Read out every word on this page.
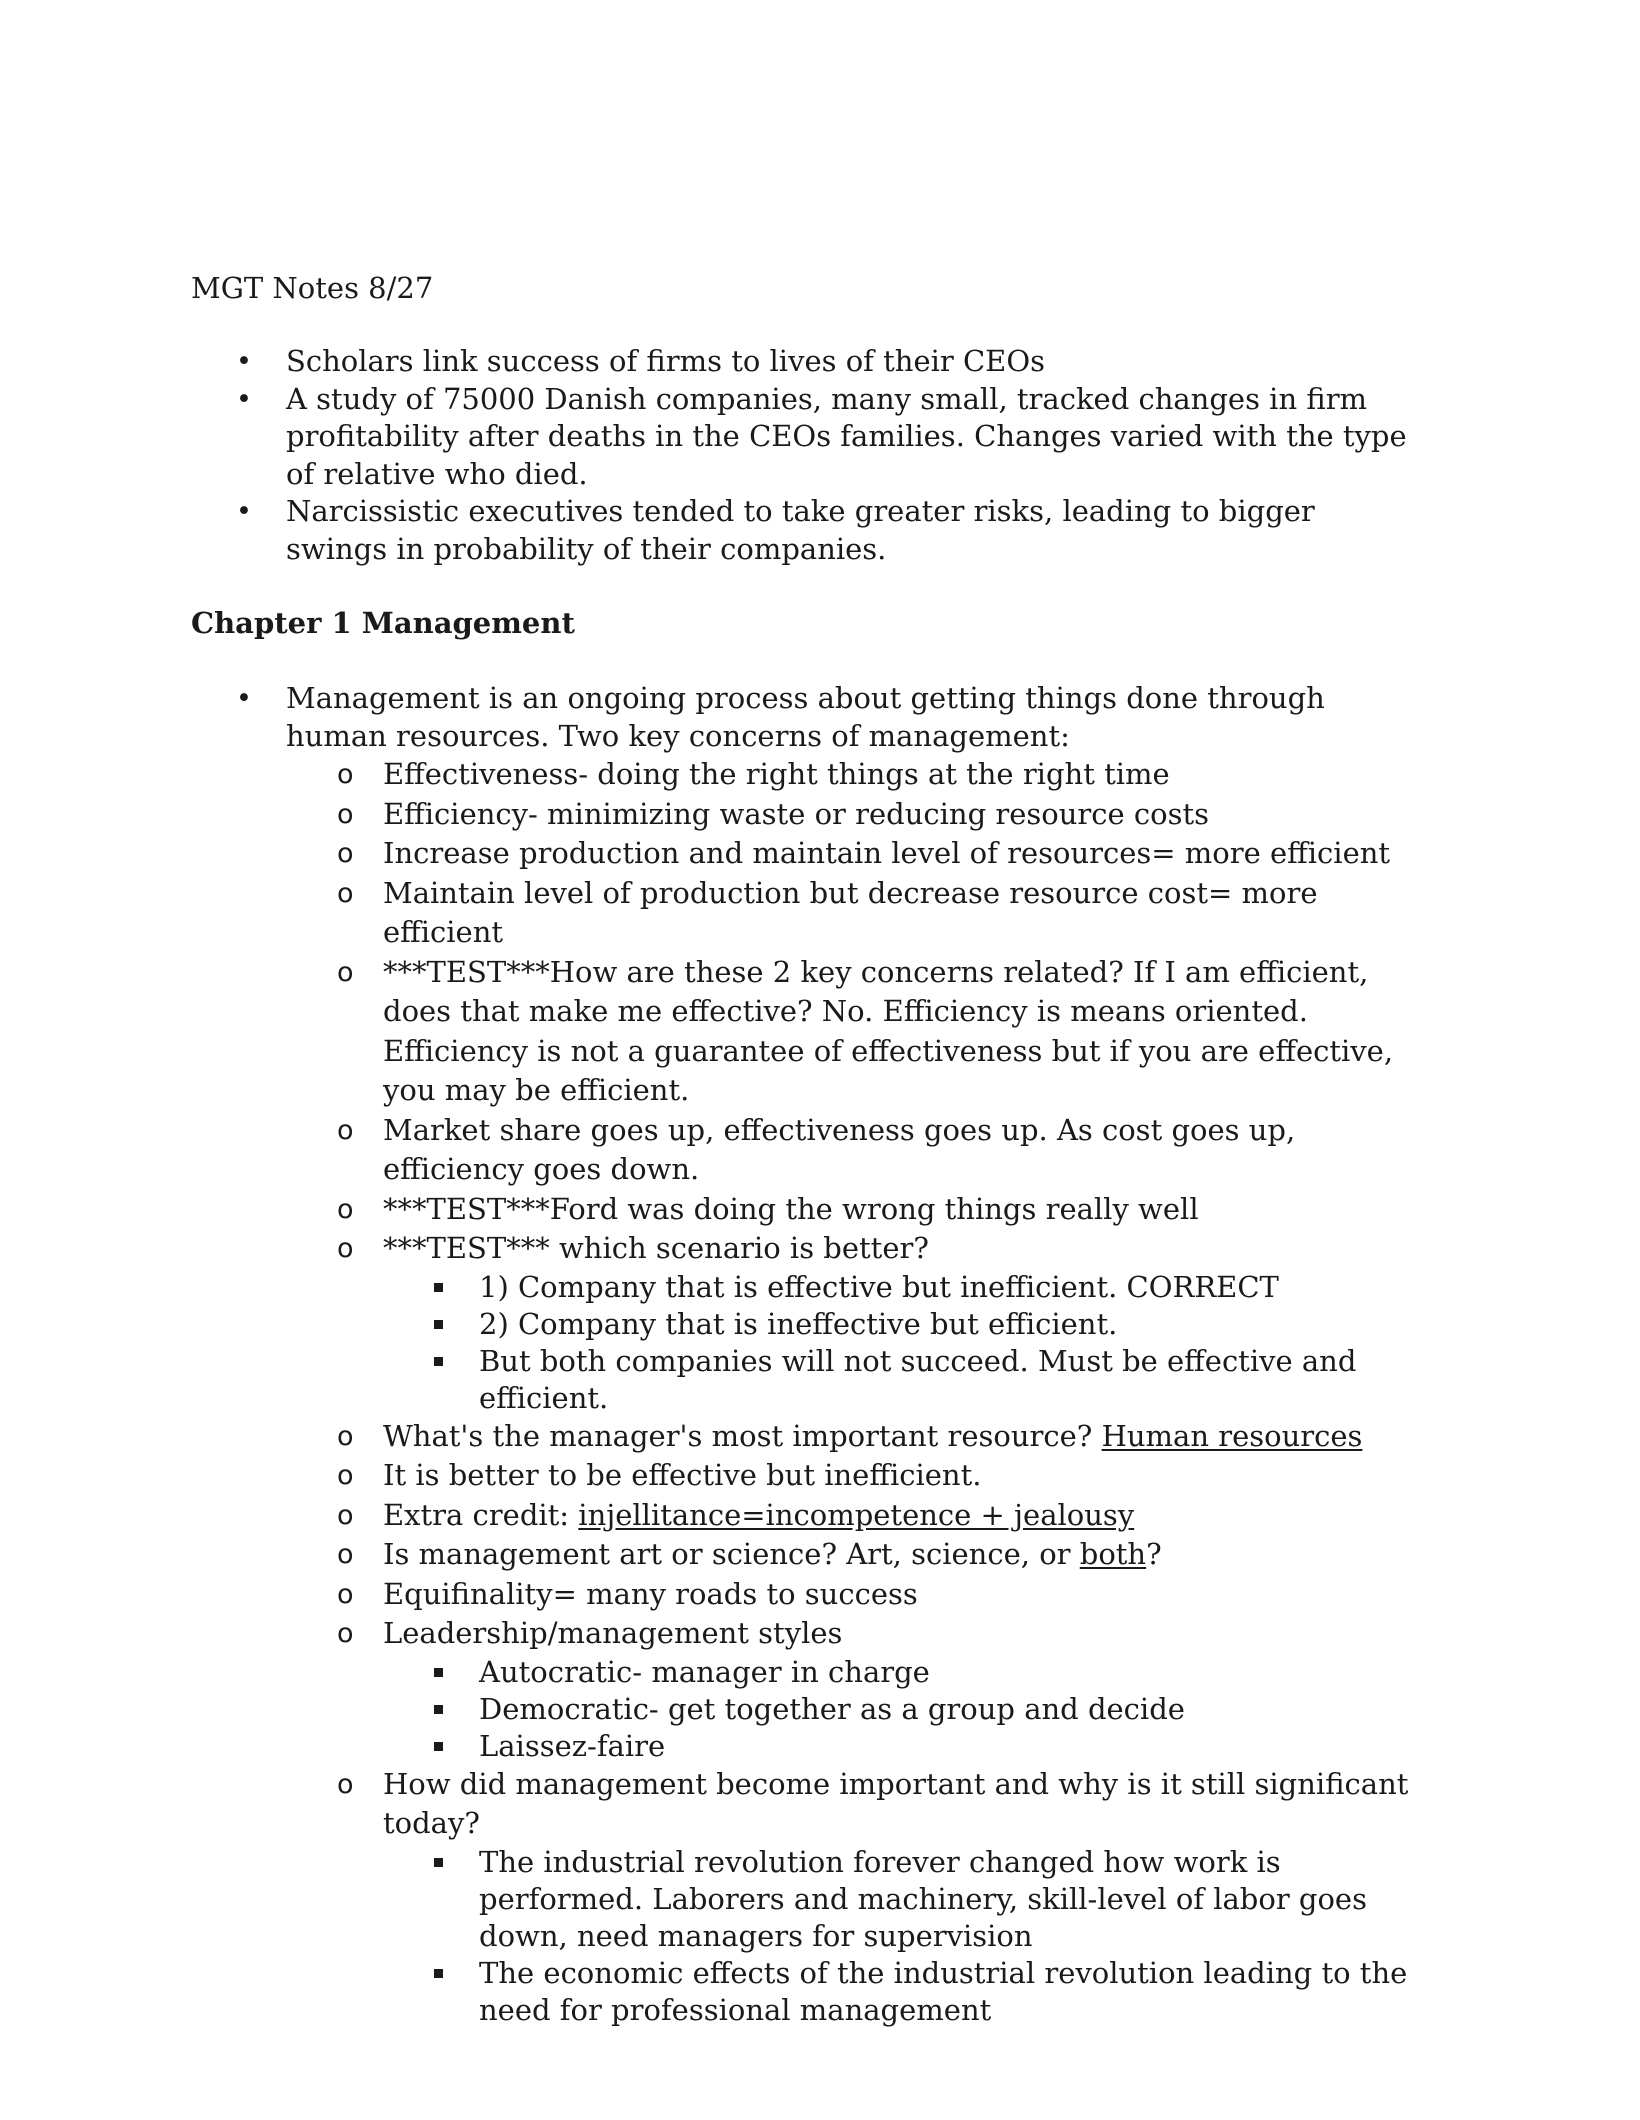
MGT Notes 8/27
• Scholars link success of firms to lives of their CEOs
• A study of 75000 Danish companies, many small, tracked changes in firm profitability after deaths in the CEOs families. Changes varied with the type of relative who died.
• Narcissistic executives tended to take greater risks, leading to bigger swings in probability of their companies.
Chapter 1 Management
• Management is an ongoing process about getting things done through human resources. Two key concerns of management:
o Effectiveness- doing the right things at the right time
o Efficiency- minimizing waste or reducing resource costs
o Increase production and maintain level of resources= more efficient
o Maintain level of production but decrease resource cost= more efficient
o ***TEST***How are these 2 key concerns related? If I am efficient, does that make me effective? No. Efficiency is means oriented. Efficiency is not a guarantee of effectiveness but if you are effective, you may be efficient.
o Market share goes up, effectiveness goes up. As cost goes up, efficiency goes down.
o ***TEST***Ford was doing the wrong things really well
o ***TEST*** which scenario is better?
1) Company that is effective but inefficient. CORRECT
2) Company that is ineffective but efficient.
But both companies will not succeed. Must be effective and efficient.
o What's the manager's most important resource? Human resources
o It is better to be effective but inefficient.
o Extra credit: injellitance=incompetence + jealousy
o Is management art or science? Art, science, or both?
o Equifinality= many roads to success
o Leadership/management styles
Autocratic- manager in charge
Democratic- get together as a group and decide
Laissez-faire
o How did management become important and why is it still significant today?
The industrial revolution forever changed how work is performed. Laborers and machinery, skill-level of labor goes down, need managers for supervision
The economic effects of the industrial revolution leading to the need for professional management
